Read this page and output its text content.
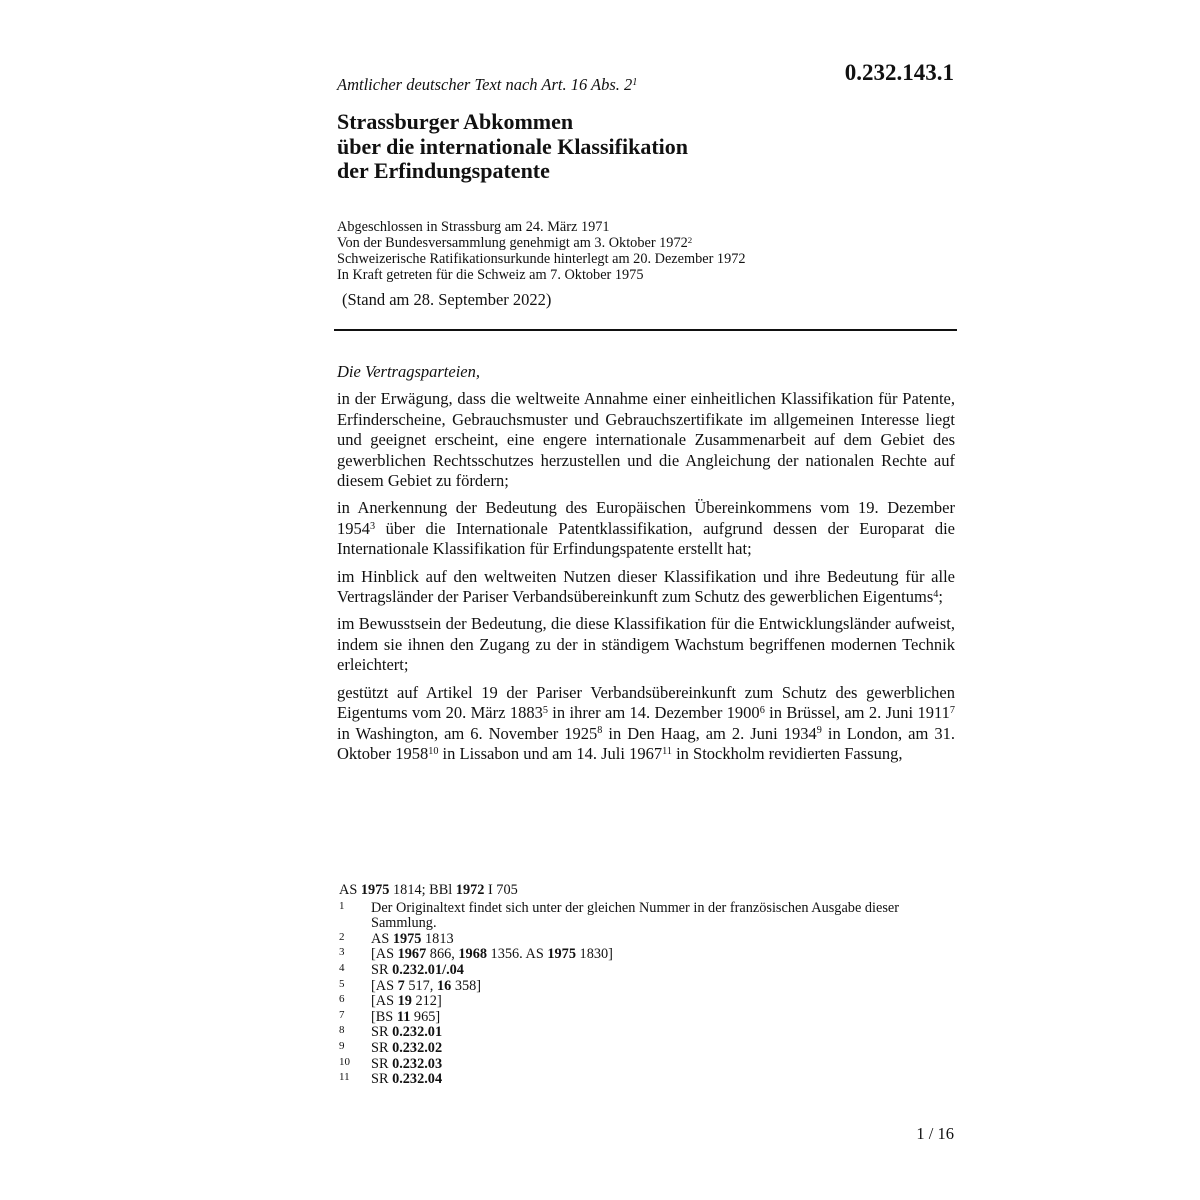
Amtlicher deutscher Text nach Art. 16 Abs. $2^1$	0.232.143.1
Strassburger Abkommen
über die internationale Klassifikation
der Erfindungspatente
Abgeschlossen in Strassburg am 24. März 1971
Von der Bundesversammlung genehmigt am 3. Oktober 1972$^2$
Schweizerische Ratifikationsurkunde hinterlegt am 20. Dezember 1972
In Kraft getreten für die Schweiz am 7. Oktober 1975
(Stand am 28. September 2022)
Die Vertragsparteien,

in der Erwägung, dass die weltweite Annahme einer einheitlichen Klassifikation für Patente, Erfinderscheine, Gebrauchsmuster und Gebrauchszertifikate im allgemeinen Interesse liegt und geeignet erscheint, eine engere internationale Zusammenarbeit auf dem Gebiet des gewerblichen Rechtsschutzes herzustellen und die Angleichung der nationalen Rechte auf diesem Gebiet zu fördern;

in Anerkennung der Bedeutung des Europäischen Übereinkommens vom 19. Dezember 1954$^3$ über die Internationale Patentklassifikation, aufgrund dessen der Europarat die Internationale Klassifikation für Erfindungspatente erstellt hat;

im Hinblick auf den weltweiten Nutzen dieser Klassifikation und ihre Bedeutung für alle Vertragsländer der Pariser Verbandsübereinkunft zum Schutz des gewerblichen Eigentums$^4$;

im Bewusstsein der Bedeutung, die diese Klassifikation für die Entwicklungsländer aufweist, indem sie ihnen den Zugang zu der in ständigem Wachstum begriffenen modernen Technik erleichtert;

gestützt auf Artikel 19 der Pariser Verbandsübereinkunft zum Schutz des gewerblichen Eigentums vom 20. März 1883$^5$ in ihrer am 14. Dezember 1900$^6$ in Brüssel, am 2. Juni 1911$^7$ in Washington, am 6. November 1925$^8$ in Den Haag, am 2. Juni 1934$^9$ in London, am 31. Oktober 1958$^{10}$ in Lissabon und am 14. Juli 1967$^{11}$ in Stockholm revidierten Fassung,

AS 1975 1814; BBl 1972 I 705
1	Der Originaltext findet sich unter der gleichen Nummer in der französischen Ausgabe dieser Sammlung.
2	AS 1975 1813
3	[AS 1967 866, 1968 1356. AS 1975 1830]
4	SR 0.232.01/.04
5	[AS 7 517, 16 358]
6	[AS 19 212]
7	[BS 11 965]
8	SR 0.232.01
9	SR 0.232.02
10	SR 0.232.03
11	SR 0.232.04
1 / 16
